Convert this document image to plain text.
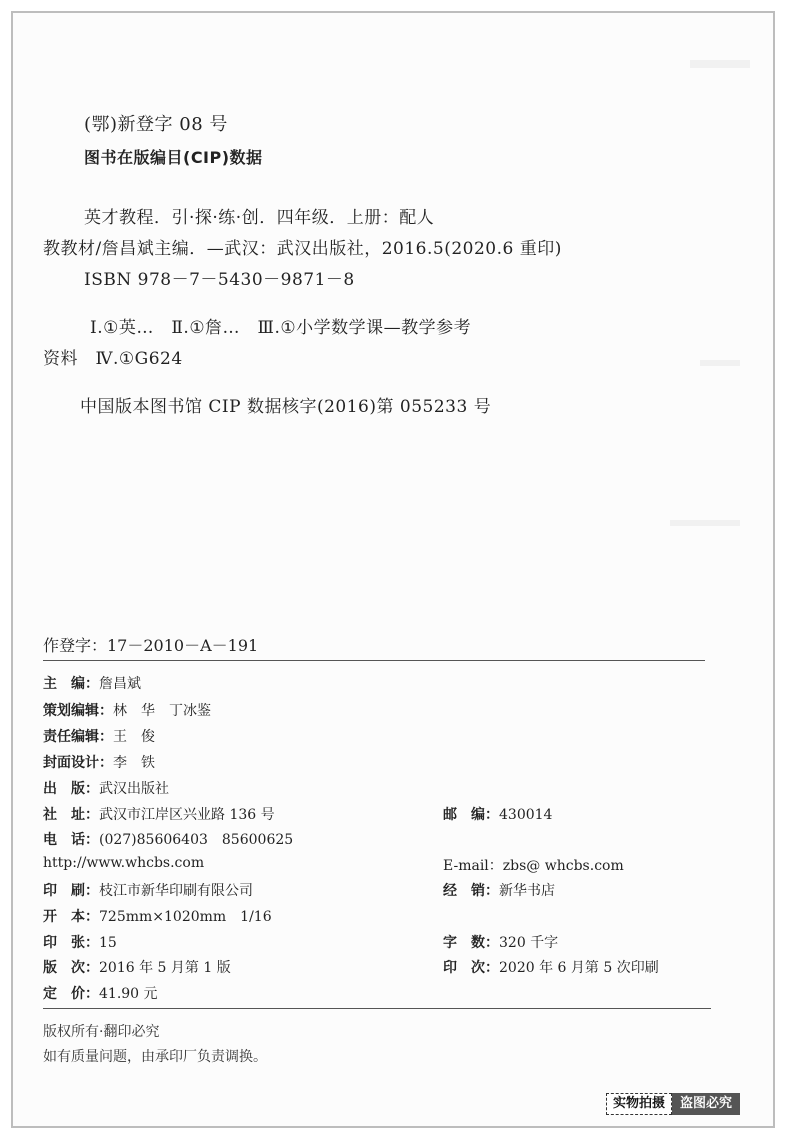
(鄂)新登字 08 号
图书在版编目(CIP)数据
英才教程．引·探·练·创．四年级．上册：配人
教教材/詹昌斌主编．—武汉：武汉出版社，2016.5(2020.6 重印)
ISBN 978－7－5430－9871－8
Ⅰ.①英…　Ⅱ.①詹…　Ⅲ.①小学数学课—教学参考
资料　Ⅳ.①G624
中国版本图书馆 CIP 数据核字(2016)第 055233 号
作登字：17－2010－A－191
主　编：詹昌斌
策划编辑：林　华　丁冰鉴
责任编辑：王　俊
封面设计：李　铁
出　版：武汉出版社
社　址：武汉市江岸区兴业路 136 号	邮　编：430014
电　话：(027)85606403　85600625
http://www.whcbs.com	E-mail：zbs@ whcbs.com
印　刷：枝江市新华印刷有限公司	经　销：新华书店
开　本：725mm×1020mm　1/16
印　张：15	字　数：320 千字
版　次：2016 年 5 月第 1 版	印　次：2020 年 6 月第 5 次印刷
定　价：41.90 元
版权所有·翻印必究
如有质量问题，由承印厂负责调换。
实物拍摄	盗图必究
